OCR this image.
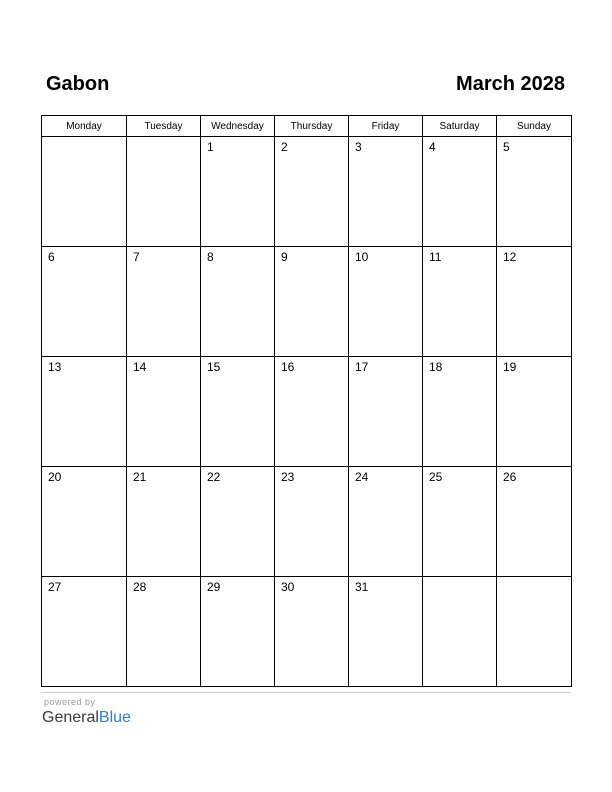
Gabon	March 2028
Monday	Tuesday	Wednesday	Thursday	Friday	Saturday	Sunday

		1	2	3	4	5

6	7	8	9	10	11	12

13	14	15	16	17	18	19

20	21	22	23	24	25	26

27	28	29	30	31		

powered by
GeneralBlue
